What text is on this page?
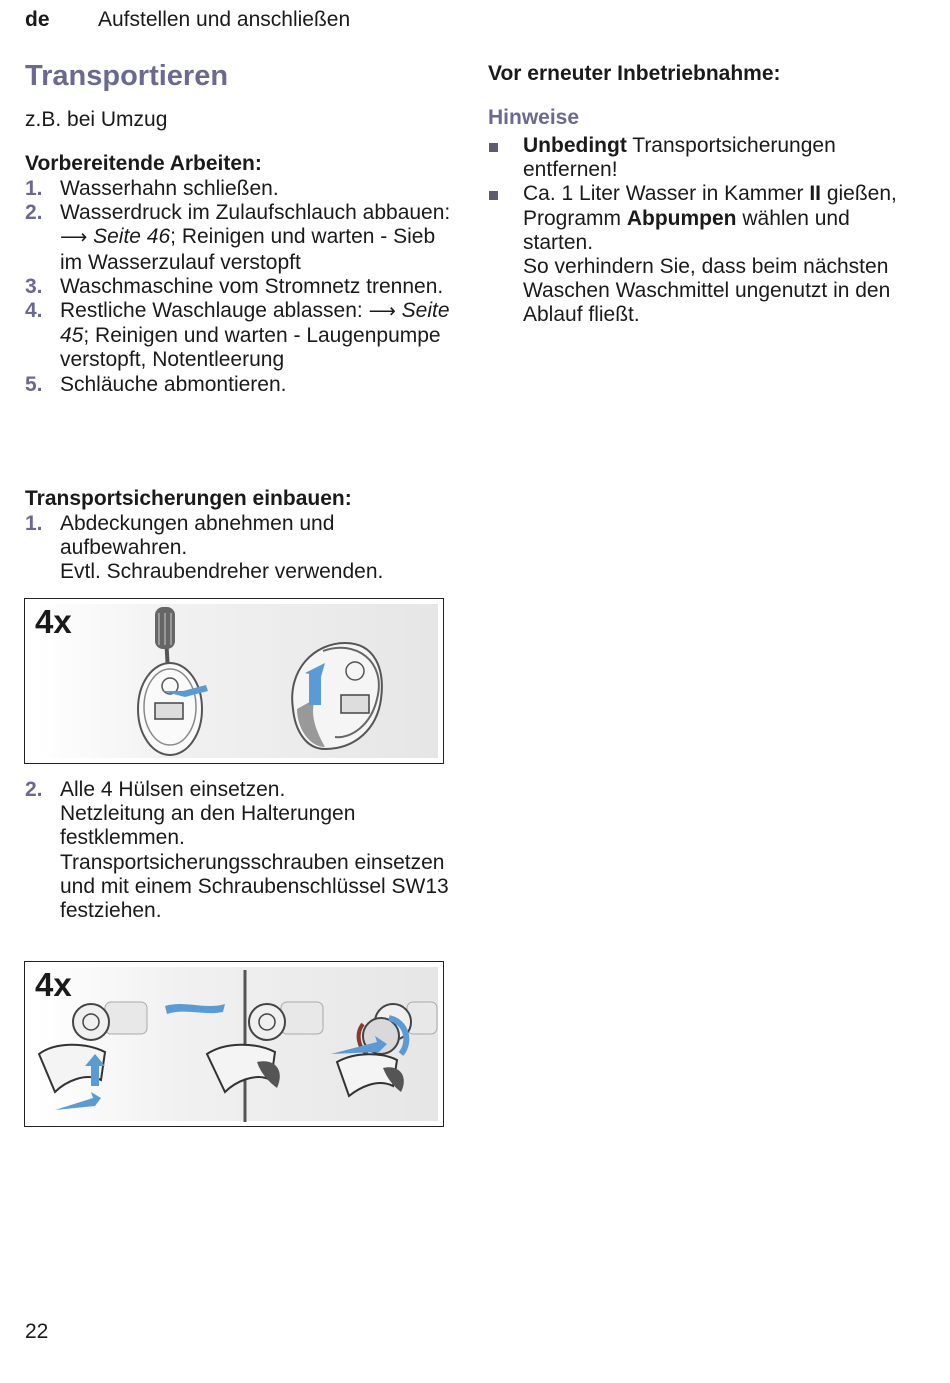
de Aufstellen und anschließen
Transportieren
z.B. bei Umzug
Vorbereitende Arbeiten:
1. Wasserhahn schließen.
2. Wasserdruck im Zulaufschlauch abbauen: ⟶ Seite 46; Reinigen und warten - Sieb im Wasserzulauf verstopft
3. Waschmaschine vom Stromnetz trennen.
4. Restliche Waschlauge ablassen: ⟶ Seite 45; Reinigen und warten - Laugenpumpe verstopft, Notentleerung
5. Schläuche abmontieren.
Transportsicherungen einbauen:
1. Abdeckungen abnehmen und aufbewahren.
Evtl. Schraubendreher verwenden.
4x
2. Alle 4 Hülsen einsetzen.
Netzleitung an den Halterungen festklemmen.
Transportsicherungsschrauben einsetzen und mit einem Schraubenschlüssel SW13 festziehen.
4x
Vor erneuter Inbetriebnahme:
Hinweise
Unbedingt Transportsicherungen entfernen!
Ca. 1 Liter Wasser in Kammer II gießen, Programm Abpumpen wählen und starten.
So verhindern Sie, dass beim nächsten Waschen Waschmittel ungenutzt in den Ablauf fließt.
22
